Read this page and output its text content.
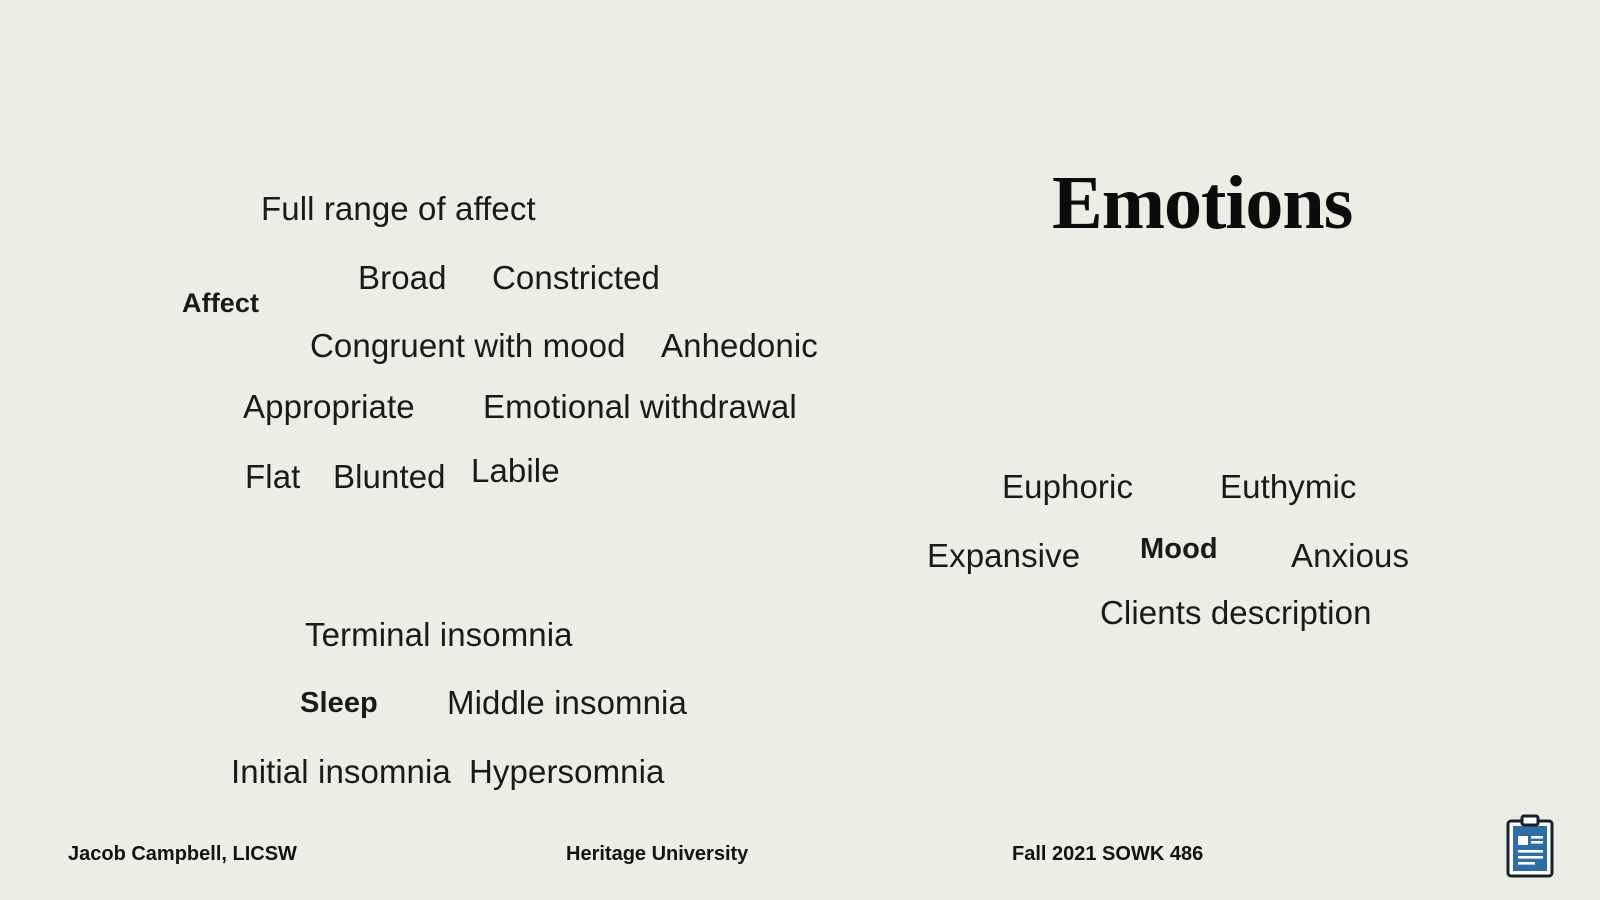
Emotions
Full range of affect
Broad Constricted
Affect
Congruent with mood Anhedonic
Appropriate Emotional withdrawal
Flat Blunted Labile	Euphoric	Euthymic
Expansive Mood Anxious
Clients description
Terminal insomnia
Sleep Middle insomnia
Initial insomnia Hypersomnia
Jacob Campbell, LICSW	Heritage University	Fall 2021 SOWK 486
